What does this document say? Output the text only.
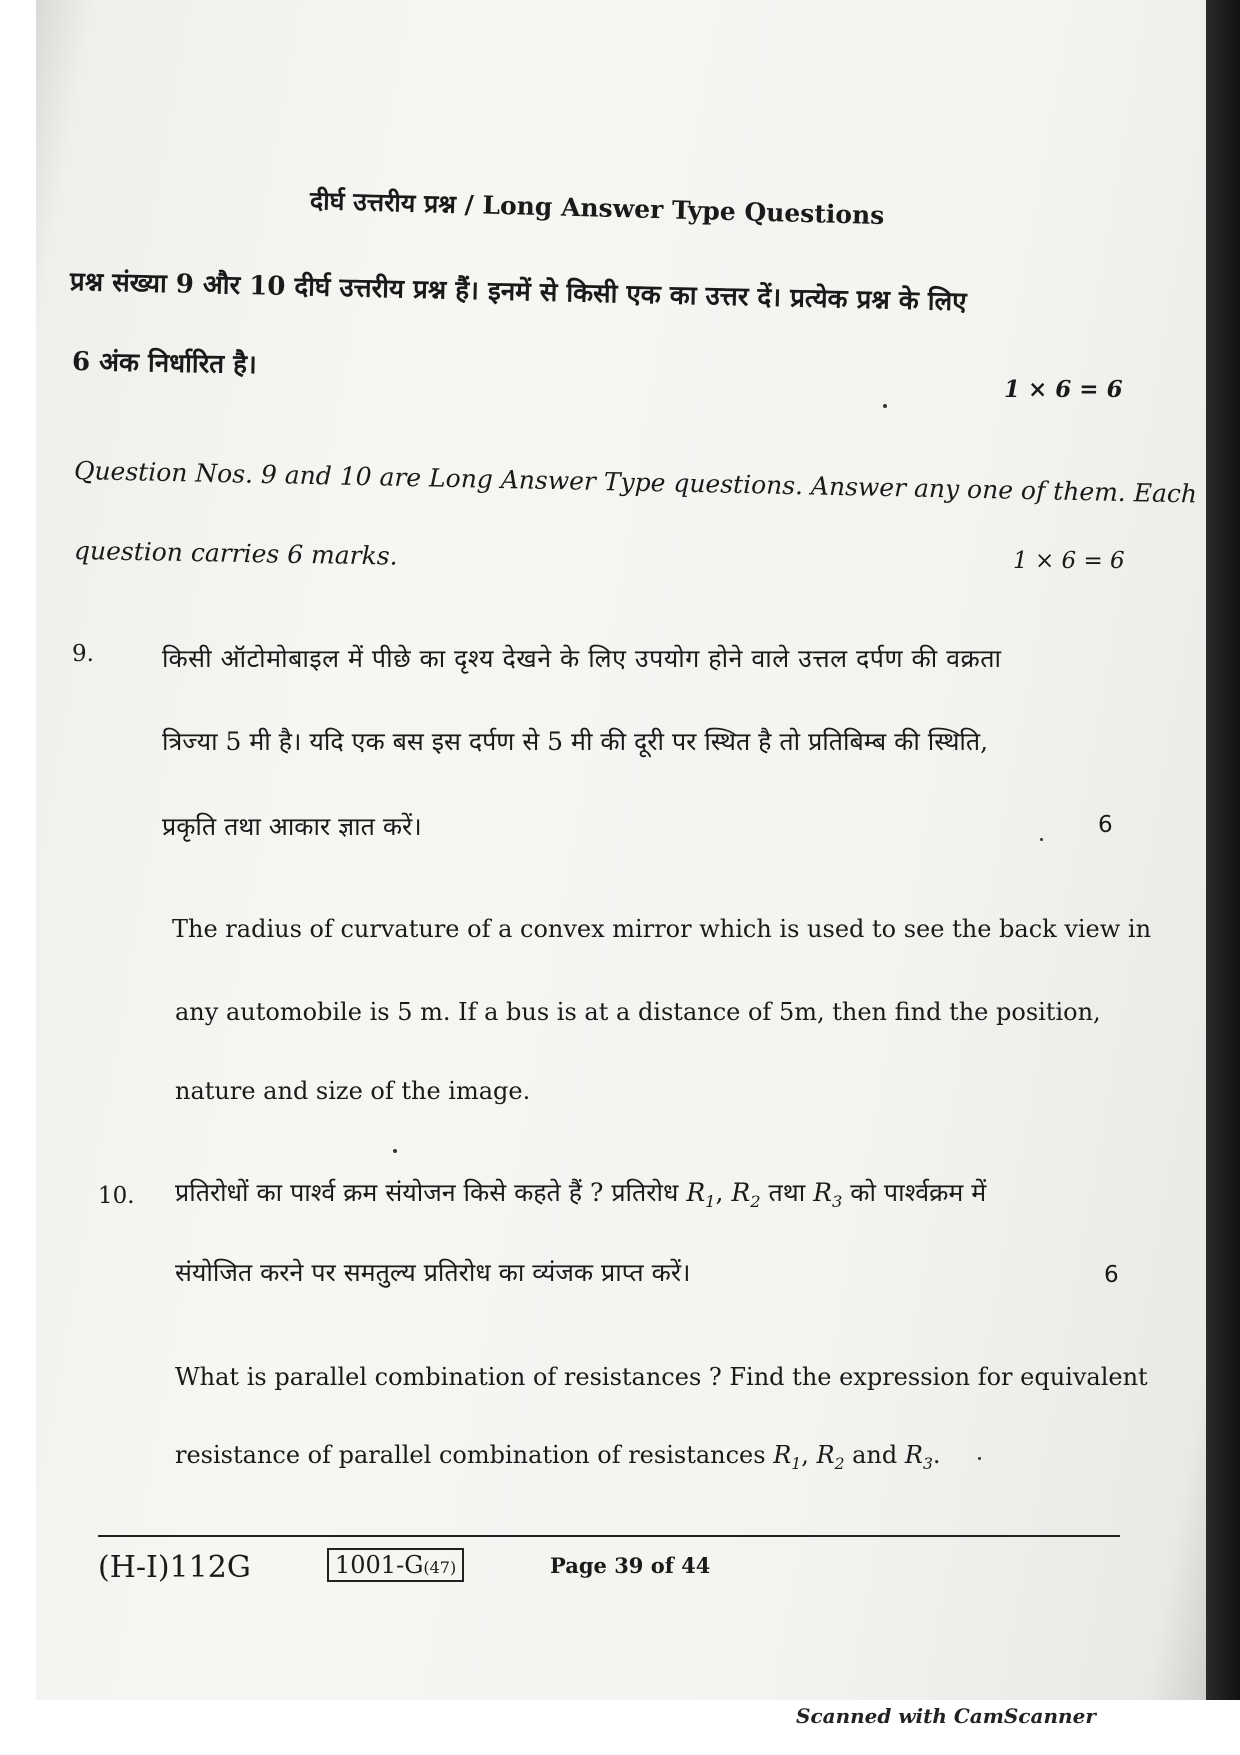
दीर्घ उत्तरीय प्रश्न / Long Answer Type Questions
प्रश्न संख्या 9 और 10 दीर्घ उत्तरीय प्रश्न हैं। इनमें से किसी एक का उत्तर दें। प्रत्येक प्रश्न के लिए
6 अंक निर्धारित है।
1 × 6 = 6
Question Nos. 9 and 10 are Long Answer Type questions. Answer any one of them. Each
question carries 6 marks.	1 × 6 = 6
9.	किसी ऑटोमोबाइल में पीछे का दृश्य देखने के लिए उपयोग होने वाले उत्तल दर्पण की वक्रता
त्रिज्या 5 मी है। यदि एक बस इस दर्पण से 5 मी की दूरी पर स्थित है तो प्रतिबिम्ब की स्थिति,
प्रकृति तथा आकार ज्ञात करें।	6
The radius of curvature of a convex mirror which is used to see the back view in
any automobile is 5 m. If a bus is at a distance of 5m, then find the position,
nature and size of the image.
10. प्रतिरोधों का पार्श्व क्रम संयोजन किसे कहते हैं ? प्रतिरोध $R_1$, $R_2$ तथा $R_3$ को पार्श्वक्रम में
संयोजित करने पर समतुल्य प्रतिरोध का व्यंजक प्राप्त करें।	6
What is parallel combination of resistances ? Find the expression for equivalent
resistance of parallel combination of resistances $R_1$, $R_2$ and $R_3$.
(H-I)112G	1001-G(47)	Page 39 of 44
Scanned with CamScanner
